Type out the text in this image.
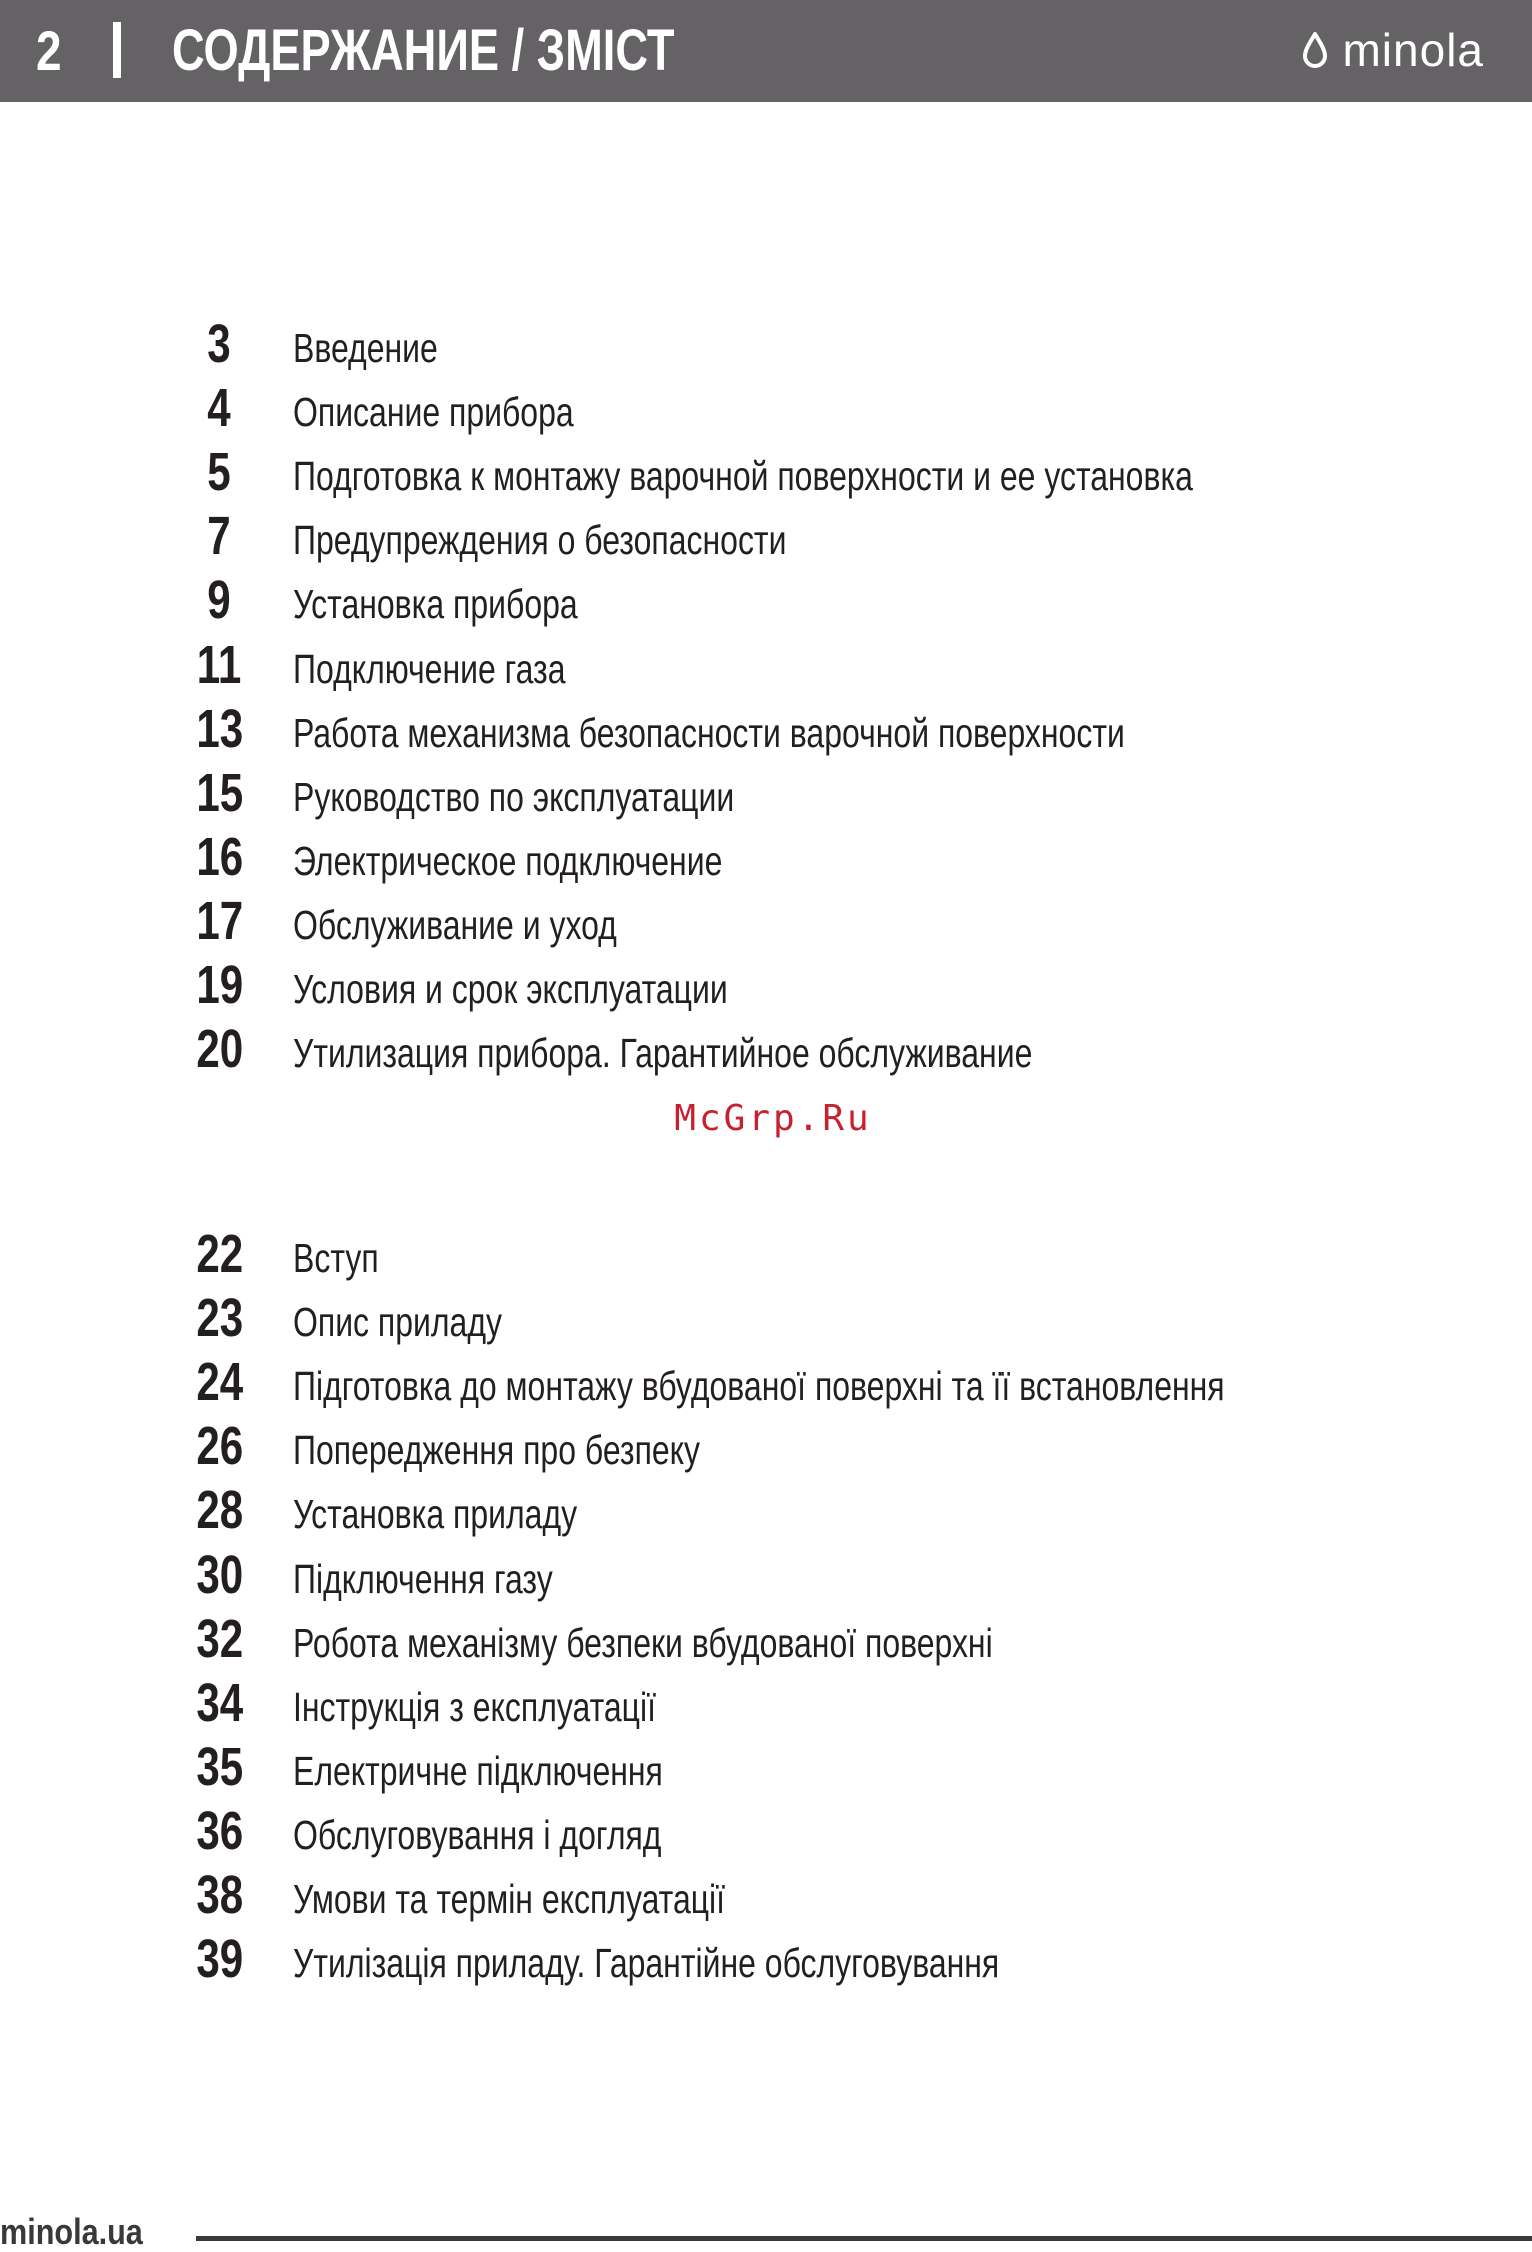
2 СОДЕРЖАНИЕ / ЗМІСТ	minola
3 Введение
4 Описание прибора
5 Подготовка к монтажу варочной поверхности и ее установка
7 Предупреждения о безопасности
9 Установка прибора
11 Подключение газа
13 Работа механизма безопасности варочной поверхности
15 Руководство по эксплуатации
16 Электрическое подключение
17 Обслуживание и уход
19 Условия и срок эксплуатации
20 Утилизация прибора. Гарантийное обслуживание
McGrp.Ru
22 Вступ
23 Опис приладу
24 Підготовка до монтажу вбудованої поверхні та її встановлення
26 Попередження про безпеку
28 Установка приладу
30 Підключення газу
32 Робота механізму безпеки вбудованої поверхні
34 Інструкція з експлуатації
35 Електричне підключення
36 Обслуговування і догляд
38 Умови та термін експлуатації
39 Утилізація приладу. Гарантійне обслуговування
minola.ua
